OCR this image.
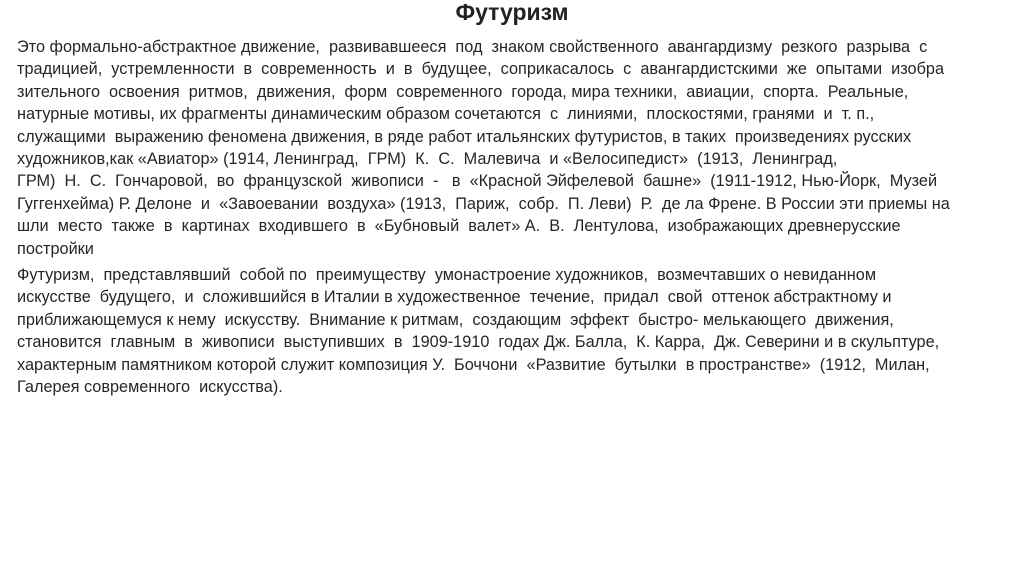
Футуризм
Это формально-абстрактное движение,  развивавшееся  под  знаком свойственного  авангардизму  резкого  разрыва  с
традицией,  устремленности  в  современность  и  в  будущее,  соприкасалось  с  авангардистскими  же  опытами  изобра
зительного  освоения  ритмов,  движения,  форм  современного  города, мира техники,  авиации,  спорта.  Реальные,
натурные мотивы, их фрагменты динамическим образом сочетаются  с  линиями,  плоскостями, гранями  и  т. п.,
служащими  выражению феномена движения, в ряде работ итальянских футуристов, в таких  произведениях русских
художников,как «Авиатор» (1914, Ленинград,  ГРМ)  К.  С.  Малевича  и «Велосипедист»  (1913,  Ленинград,
ГРМ)  Н.  С.  Гончаровой,  во  французской  живописи  -   в  «Красной Эйфелевой  башне»  (1911-1912, Нью-Йорк,  Музей
Гуггенхейма) Р. Делоне  и  «Завоевании  воздуха» (1913,  Париж,  собр.  П. Леви)  Р.  де ла Френе. В России эти приемы на
шли  место  также  в  картинах  входившего  в  «Бубновый  валет» А.  В.  Лентулова,  изображающих древнерусские
постройки
Футуризм,  представлявший  собой по  преимуществу  умонастроение художников,  возмечтавших о невиданном
искусстве  будущего,  и  сложившийся в Италии в художественное  течение,  придал  свой  оттенок абстрактному и
приближающемуся к нему  искусству.  Внимание к ритмам,  создающим  эффект  быстро- мелькающего  движения,
становится  главным  в  живописи  выступивших  в  1909-1910  годах Дж. Балла,  К. Карра,  Дж. Северини и в скульптуре,
характерным памятником которой служит композиция У.  Боччони  «Развитие  бутылки  в пространстве»  (1912,  Милан,
Галерея современного  искусства).
